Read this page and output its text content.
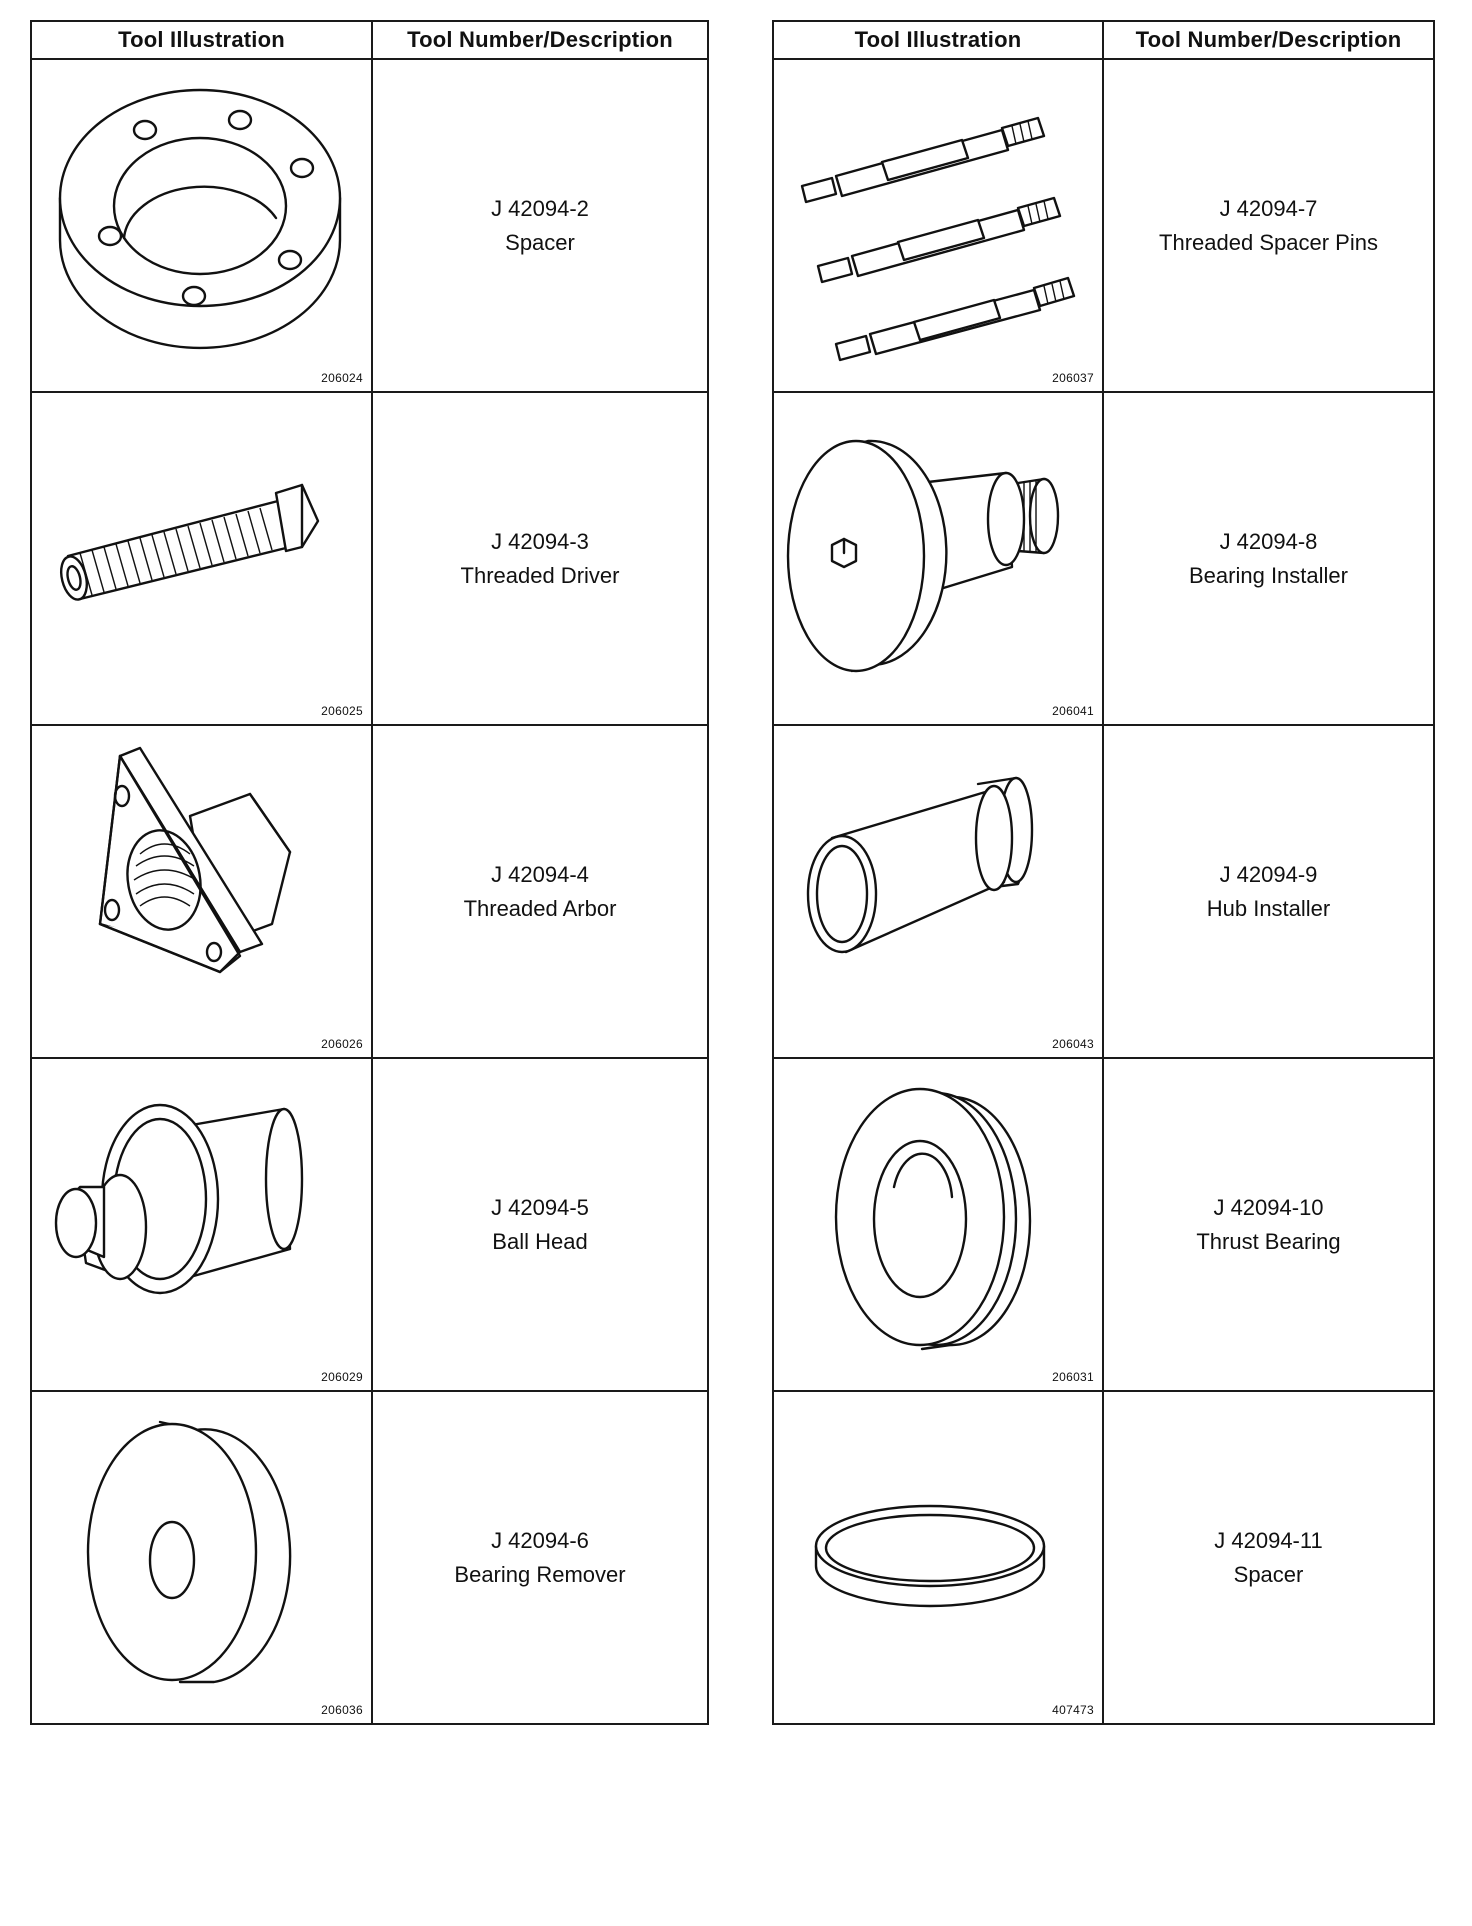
Tool Illustration	Tool Number/Description

206024	J 42094-2
Spacer

206025	J 42094-3
Threaded Driver

206026	J 42094-4
Threaded Arbor

206029	J 42094-5
Ball Head

206036	J 42094-6
Bearing Remover
Tool Illustration	Tool Number/Description

206037	J 42094-7
Threaded Spacer Pins

206041	J 42094-8
Bearing Installer

206043	J 42094-9
Hub Installer

206031	J 42094-10
Thrust Bearing

407473	J 42094-11
Spacer
